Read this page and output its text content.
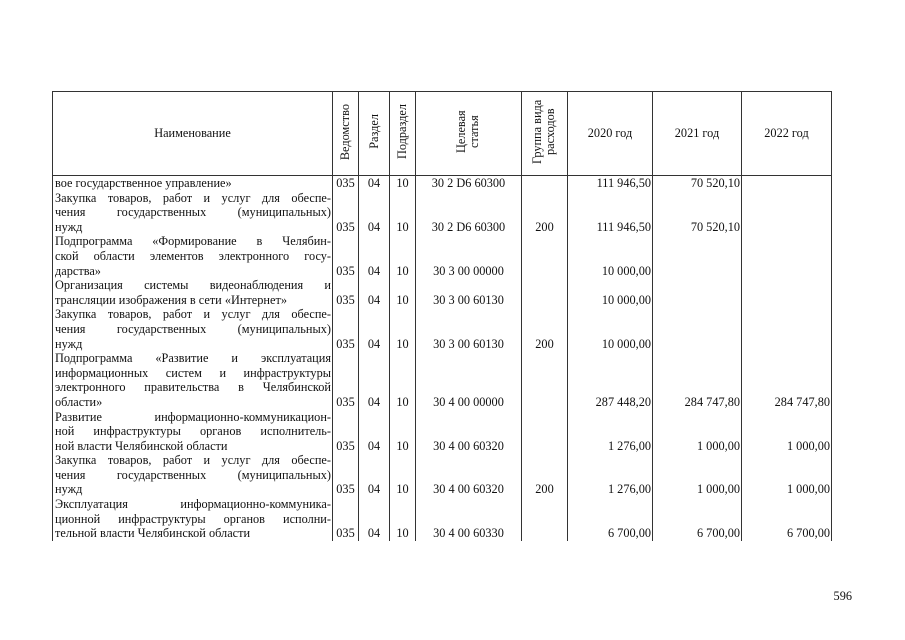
Наименование	Ведомство	Раздел	Подраздел	Целевая статья	Группа вида расходов	2020 год	2021 год	2022 год

вое государственное управление»	035	04	10	30 2 D6 60300		111 946,50	70 520,10	

Закупка товаров, работ и услуг для обеспе-
чения государственных (муниципальных)
нужд	035	04	10	30 2 D6 60300	200	111 946,50	70 520,10	

Подпрограмма «Формирование в Челябин-
ской области элементов электронного госу-
дарства»	035	04	10	30 3 00 00000		10 000,00		

Организация системы видеонаблюдения и
трансляции изображения в сети «Интернет»	035	04	10	30 3 00 60130		10 000,00		

Закупка товаров, работ и услуг для обеспе-
чения государственных (муниципальных)
нужд	035	04	10	30 3 00 60130	200	10 000,00		

Подпрограмма «Развитие и эксплуатация
информационных систем и инфраструктуры
электронного правительства в Челябинской
области»	035	04	10	30 4 00 00000		287 448,20	284 747,80	284 747,80

Развитие информационно-коммуникацион-
ной инфраструктуры органов исполнитель-
ной власти Челябинской области	035	04	10	30 4 00 60320		1 276,00	1 000,00	1 000,00

Закупка товаров, работ и услуг для обеспе-
чения государственных (муниципальных)
нужд	035	04	10	30 4 00 60320	200	1 276,00	1 000,00	1 000,00

Эксплуатация информационно-коммуника-
ционной инфраструктуры органов исполни-
тельной власти Челябинской области	035	04	10	30 4 00 60330		6 700,00	6 700,00	6 700,00
596
